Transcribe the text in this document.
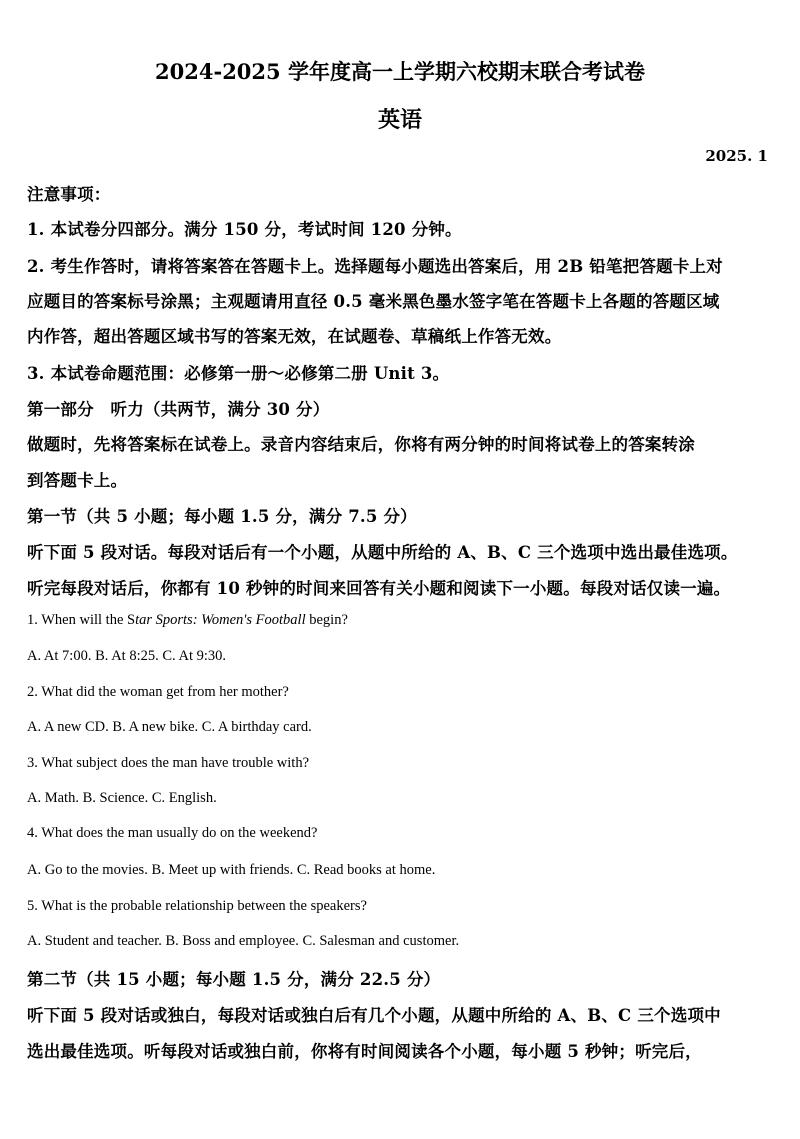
2024-2025 学年度高一上学期六校期末联合考试卷
英语
2025. 1
注意事项：
1. 本试卷分四部分。满分 150 分，考试时间 120 分钟。
2. 考生作答时，请将答案答在答题卡上。选择题每小题选出答案后，用 2B 铅笔把答题卡上对
应题目的答案标号涂黑；主观题请用直径 0.5 毫米黑色墨水签字笔在答题卡上各题的答题区域
内作答，超出答题区域书写的答案无效，在试题卷、草稿纸上作答无效。
3. 本试卷命题范围：必修第一册～必修第二册 Unit 3。
第一部分　听力（共两节，满分 30 分）
做题时，先将答案标在试卷上。录音内容结束后，你将有两分钟的时间将试卷上的答案转涂
到答题卡上。
第一节（共 5 小题；每小题 1.5 分，满分 7.5 分）
听下面 5 段对话。每段对话后有一个小题，从题中所给的 A、B、C 三个选项中选出最佳选项。
听完每段对话后，你都有 10 秒钟的时间来回答有关小题和阅读下一小题。每段对话仅读一遍。
1. When will the Star Sports: Women's Football begin?
A. At 7:00. B. At 8:25. C. At 9:30.
2. What did the woman get from her mother?
A. A new CD. B. A new bike. C. A birthday card.
3. What subject does the man have trouble with?
A. Math. B. Science. C. English.
4. What does the man usually do on the weekend?
A. Go to the movies. B. Meet up with friends. C. Read books at home.
5. What is the probable relationship between the speakers?
A. Student and teacher. B. Boss and employee. C. Salesman and customer.
第二节（共 15 小题；每小题 1.5 分，满分 22.5 分）
听下面 5 段对话或独白，每段对话或独白后有几个小题，从题中所给的 A、B、C 三个选项中
选出最佳选项。听每段对话或独白前，你将有时间阅读各个小题，每小题 5 秒钟；听完后，
